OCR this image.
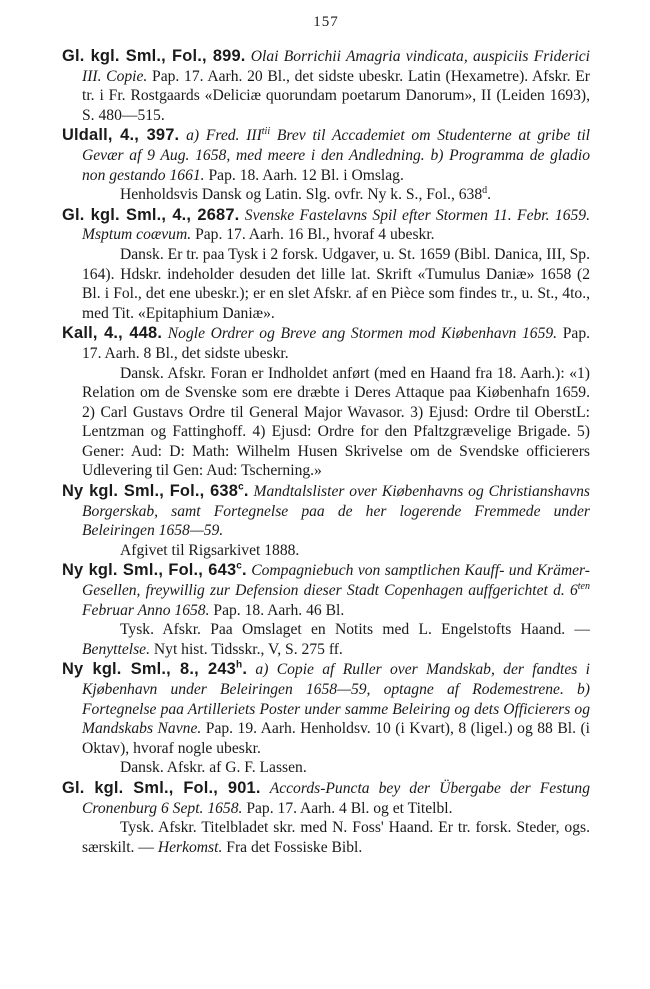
157

Gl. kgl. Sml., Fol., 899. Olai Borrichii Amagria vindicata, auspiciis Friderici III. Copie. Pap. 17. Aarh. 20 Bl., det sidste ubeskr. Latin (Hexametre). Afskr. Er tr. i Fr. Rostgaards «Deliciæ quorundam poetarum Danorum», II (Leiden 1693), S. 480—515.

Uldall, 4., 397. a) Fred. $III^{tii}$ Brev til Accademiet om Studenterne at gribe til Gevær af 9 Aug. 1658, med meere i den Andledning. b) Programma de gladio non gestando 1661. Pap. 18. Aarh. 12 Bl. i Omslag.

Henholdsvis Dansk og Latin. Slg. ovfr. Ny k. S., Fol., 638$^d$.

Gl. kgl. Sml., 4., 2687. Svenske Fastelavns Spil efter Stormen 11. Febr. 1659. Msptum coævum. Pap. 17. Aarh. 16 Bl., hvoraf 4 ubeskr.

Dansk. Er tr. paa Tysk i 2 forsk. Udgaver, u. St. 1659 (Bibl. Danica, III, Sp. 164). Hdskr. indeholder desuden det lille lat. Skrift «Tumulus Daniæ» 1658 (2 Bl. i Fol., det ene ubeskr.); er en slet Afskr. af en Pièce som findes tr., u. St., 4to., med Tit. «Epitaphium Daniæ».

Kall, 4., 448. Nogle Ordrer og Breve ang Stormen mod Kiøbenhavn 1659. Pap. 17. Aarh. 8 Bl., det sidste ubeskr.

Dansk. Afskr. Foran er Indholdet anført (med en Haand fra 18. Aarh.): «1) Relation om de Svenske som ere dræbte i Deres Attaque paa Kiøbenhafn 1659. 2) Carl Gustavs Ordre til General Major Wavasor. 3) Ejusd: Ordre til OberstL: Lentzman og Fattinghoff. 4) Ejusd: Ordre for den Pfaltzgrævelige Brigade. 5) Gener: Aud: D: Math: Wilhelm Husen Skrivelse om de Svendske officierers Udlevering til Gen: Aud: Tscherning.»

Ny kgl. Sml., Fol., 638$^c$. Mandtalslister over Kiøbenhavns og Christianshavns Borgerskab, samt Fortegnelse paa de her logerende Fremmede under Beleiringen 1658—59.

Afgivet til Rigsarkivet 1888.

Ny kgl. Sml., Fol., 643$^c$. Compagniebuch von samptlichen Kauff- und Krämer-Gesellen, freywillig zur Defension dieser Stadt Copenhagen auffgerichtet d. $6^{ten}$ Februar Anno 1658. Pap. 18. Aarh. 46 Bl.

Tysk. Afskr. Paa Omslaget en Notits med L. Engelstofts Haand. — Benyttelse. Nyt hist. Tidsskr., V, S. 275 ff.

Ny kgl. Sml., 8., 243$^h$. a) Copie af Ruller over Mandskab, der fandtes i Kjøbenhavn under Beleiringen 1658—59, optagne af Rodemestrene. b) Fortegnelse paa Artilleriets Poster under samme Beleiring og dets Officierers og Mandskabs Navne. Pap. 19. Aarh. Henholdsv. 10 (i Kvart), 8 (ligel.) og 88 Bl. (i Oktav), hvoraf nogle ubeskr.

Dansk. Afskr. af G. F. Lassen.

Gl. kgl. Sml., Fol., 901. Accords-Puncta bey der Übergabe der Festung Cronenburg 6 Sept. 1658. Pap. 17. Aarh. 4 Bl. og et Titelbl.

Tysk. Afskr. Titelbladet skr. med N. Foss' Haand. Er tr. forsk. Steder, ogs. særskilt. — Herkomst. Fra det Fossiske Bibl.
